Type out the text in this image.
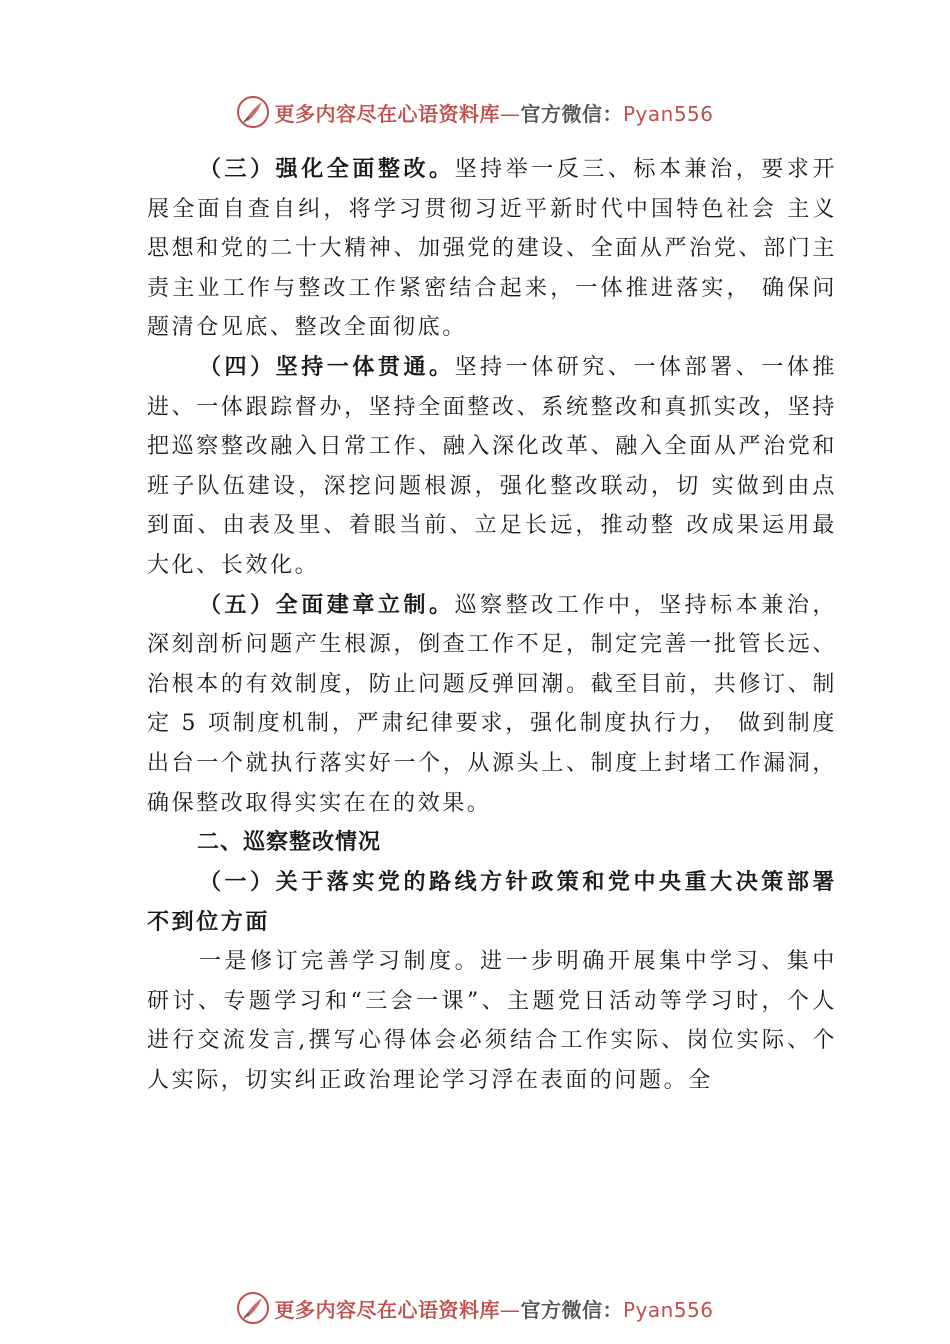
更多内容尽在心语资料库—官方微信：Pyan556

（三）强化全面整改。坚持举一反三、标本兼治，要求开展全面自查自纠，将学习贯彻习近平新时代中国特色社会 主义思想和党的二十大精神、加强党的建设、全面从严治党、部门主责主业工作与整改工作紧密结合起来，一体推进落实， 确保问题清仓见底、整改全面彻底。

（四）坚持一体贯通。坚持一体研究、一体部署、一体推进、一体跟踪督办，坚持全面整改、系统整改和真抓实改，坚持把巡察整改融入日常工作、融入深化改革、融入全面从严治党和班子队伍建设，深挖问题根源，强化整改联动，切 实做到由点到面、由表及里、着眼当前、立足长远，推动整 改成果运用最大化、长效化。

（五）全面建章立制。巡察整改工作中，坚持标本兼治， 深刻剖析问题产生根源，倒查工作不足，制定完善一批管长远、治根本的有效制度，防止问题反弹回潮。截至目前，共修订、制定 5 项制度机制，严肃纪律要求，强化制度执行力， 做到制度出台一个就执行落实好一个，从源头上、制度上封堵工作漏洞，确保整改取得实实在在的效果。

二、巡察整改情况

（一）关于落实党的路线方针政策和党中央重大决策部署不到位方面

一是修订完善学习制度。进一步明确开展集中学习、集中研讨、专题学习和“三会一课”、主题党日活动等学习时，个人进行交流发言,撰写心得体会必须结合工作实际、岗位实际、个人实际，切实纠正政治理论学习浮在表面的问题。全

更多内容尽在心语资料库—官方微信：Pyan556
